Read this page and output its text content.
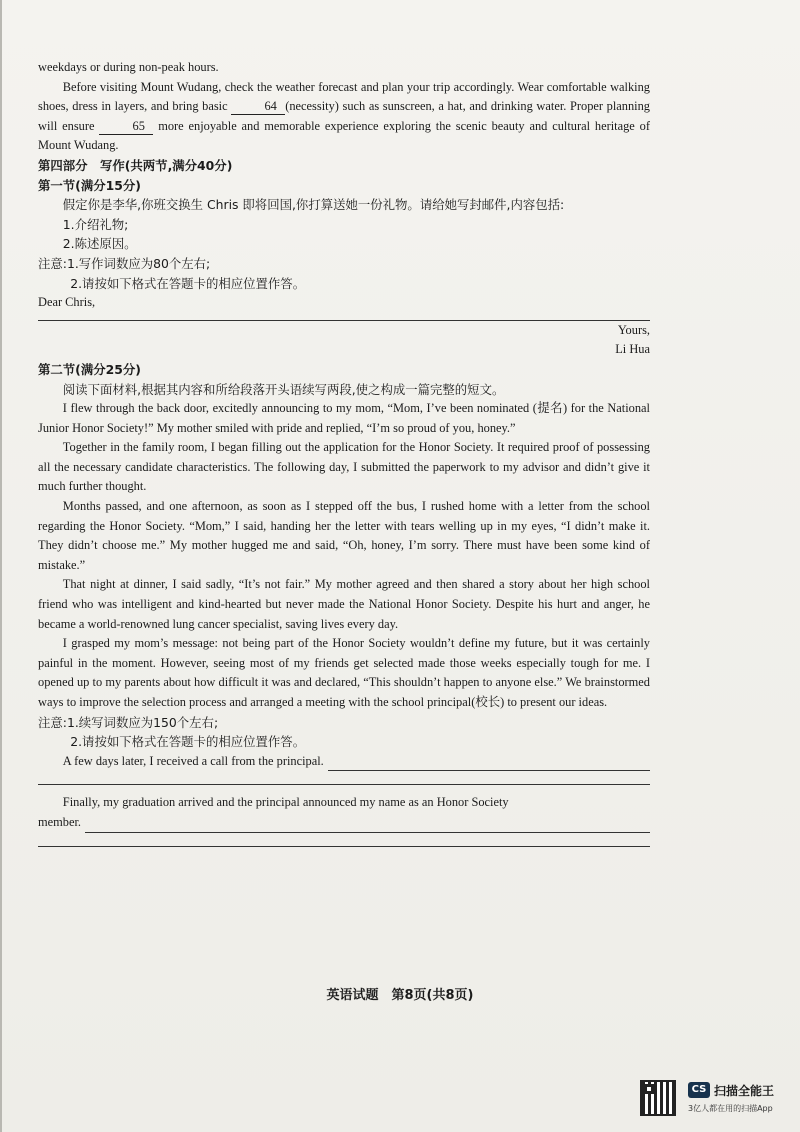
weekdays or during non-peak hours.

Before visiting Mount Wudang, check the weather forecast and plan your trip accordingly. Wear comfortable walking shoes, dress in layers, and bring basic	64 (necessity) such as sunscreen, a hat, and drinking water. Proper planning will ensure	65 more enjoyable and memorable experience exploring the scenic beauty and cultural heritage of Mount Wudang.

第四部分　写作(共两节,满分40分)

第一节(满分15分)

假定你是李华,你班交换生 Chris 即将回国,你打算送她一份礼物。请给她写封邮件,内容包括:

1.介绍礼物;

2.陈述原因。

注意:1.写作词数应为80个左右;

2.请按如下格式在答题卡的相应位置作答。

Dear Chris,

Yours,

Li Hua

第二节(满分25分)

阅读下面材料,根据其内容和所给段落开头语续写两段,使之构成一篇完整的短文。

I flew through the back door, excitedly announcing to my mom, “Mom, I’ve been nominated (提名) for the National Junior Honor Society!” My mother smiled with pride and replied, “I’m so proud of you, honey.”

Together in the family room, I began filling out the application for the Honor Society. It required proof of possessing all the necessary candidate characteristics. The following day, I submitted the paperwork to my advisor and didn’t give it much further thought.

Months passed, and one afternoon, as soon as I stepped off the bus, I rushed home with a letter from the school regarding the Honor Society. “Mom,” I said, handing her the letter with tears welling up in my eyes, “I didn’t make it. They didn’t choose me.” My mother hugged me and said, “Oh, honey, I’m sorry. There must have been some kind of mistake.”

That night at dinner, I said sadly, “It’s not fair.” My mother agreed and then shared a story about her high school friend who was intelligent and kind-hearted but never made the National Honor Society. Despite his hurt and anger, he became a world-renowned lung cancer specialist, saving lives every day.

I grasped my mom’s message: not being part of the Honor Society wouldn’t define my future, but it was certainly painful in the moment. However, seeing most of my friends get selected made those weeks especially tough for me. I opened up to my parents about how difficult it was and declared, “This shouldn’t happen to anyone else.” We brainstormed ways to improve the selection process and arranged a meeting with the school principal(校长) to present our ideas.

注意:1.续写词数应为150个左右;

2.请按如下格式在答题卡的相应位置作答。

A few days later, I received a call from the principal.

Finally, my graduation arrived and the principal announced my name as an Honor Society

member.
英语试题　第8页(共8页)
CS 扫描全能王
3亿人都在用的扫描App
